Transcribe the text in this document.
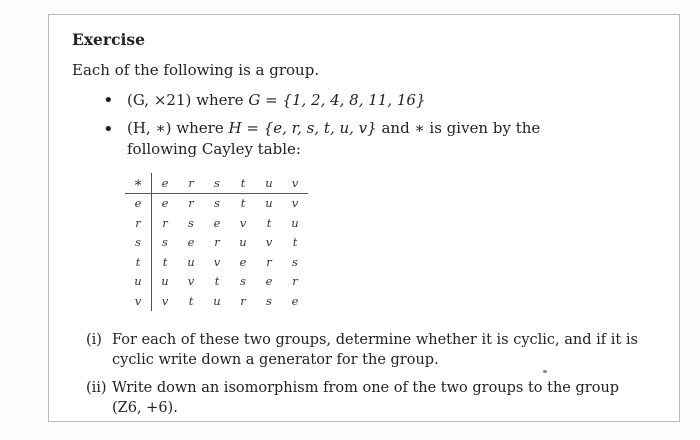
Exercise
Each of the following is a group.
• (G, ×21) where G = {1, 2, 4, 8, 11, 16}
• (H, ∗) where H = {e, r, s, t, u, v} and ∗ is given by the following Cayley table:
∗	e	r	s	t	u	v
e	e	r	s	t	u	v
r	r	s	e	v	t	u
s	s	e	r	u	v	t
t	t	u	v	e	r	s
u	u	v	t	s	e	r
v	v	t	u	r	s	e
(i) For each of these two groups, determine whether it is cyclic, and if it is cyclic write down a generator for the group.
(ii) Write down an isomorphism from one of the two groups to the group (Z6, +6).
